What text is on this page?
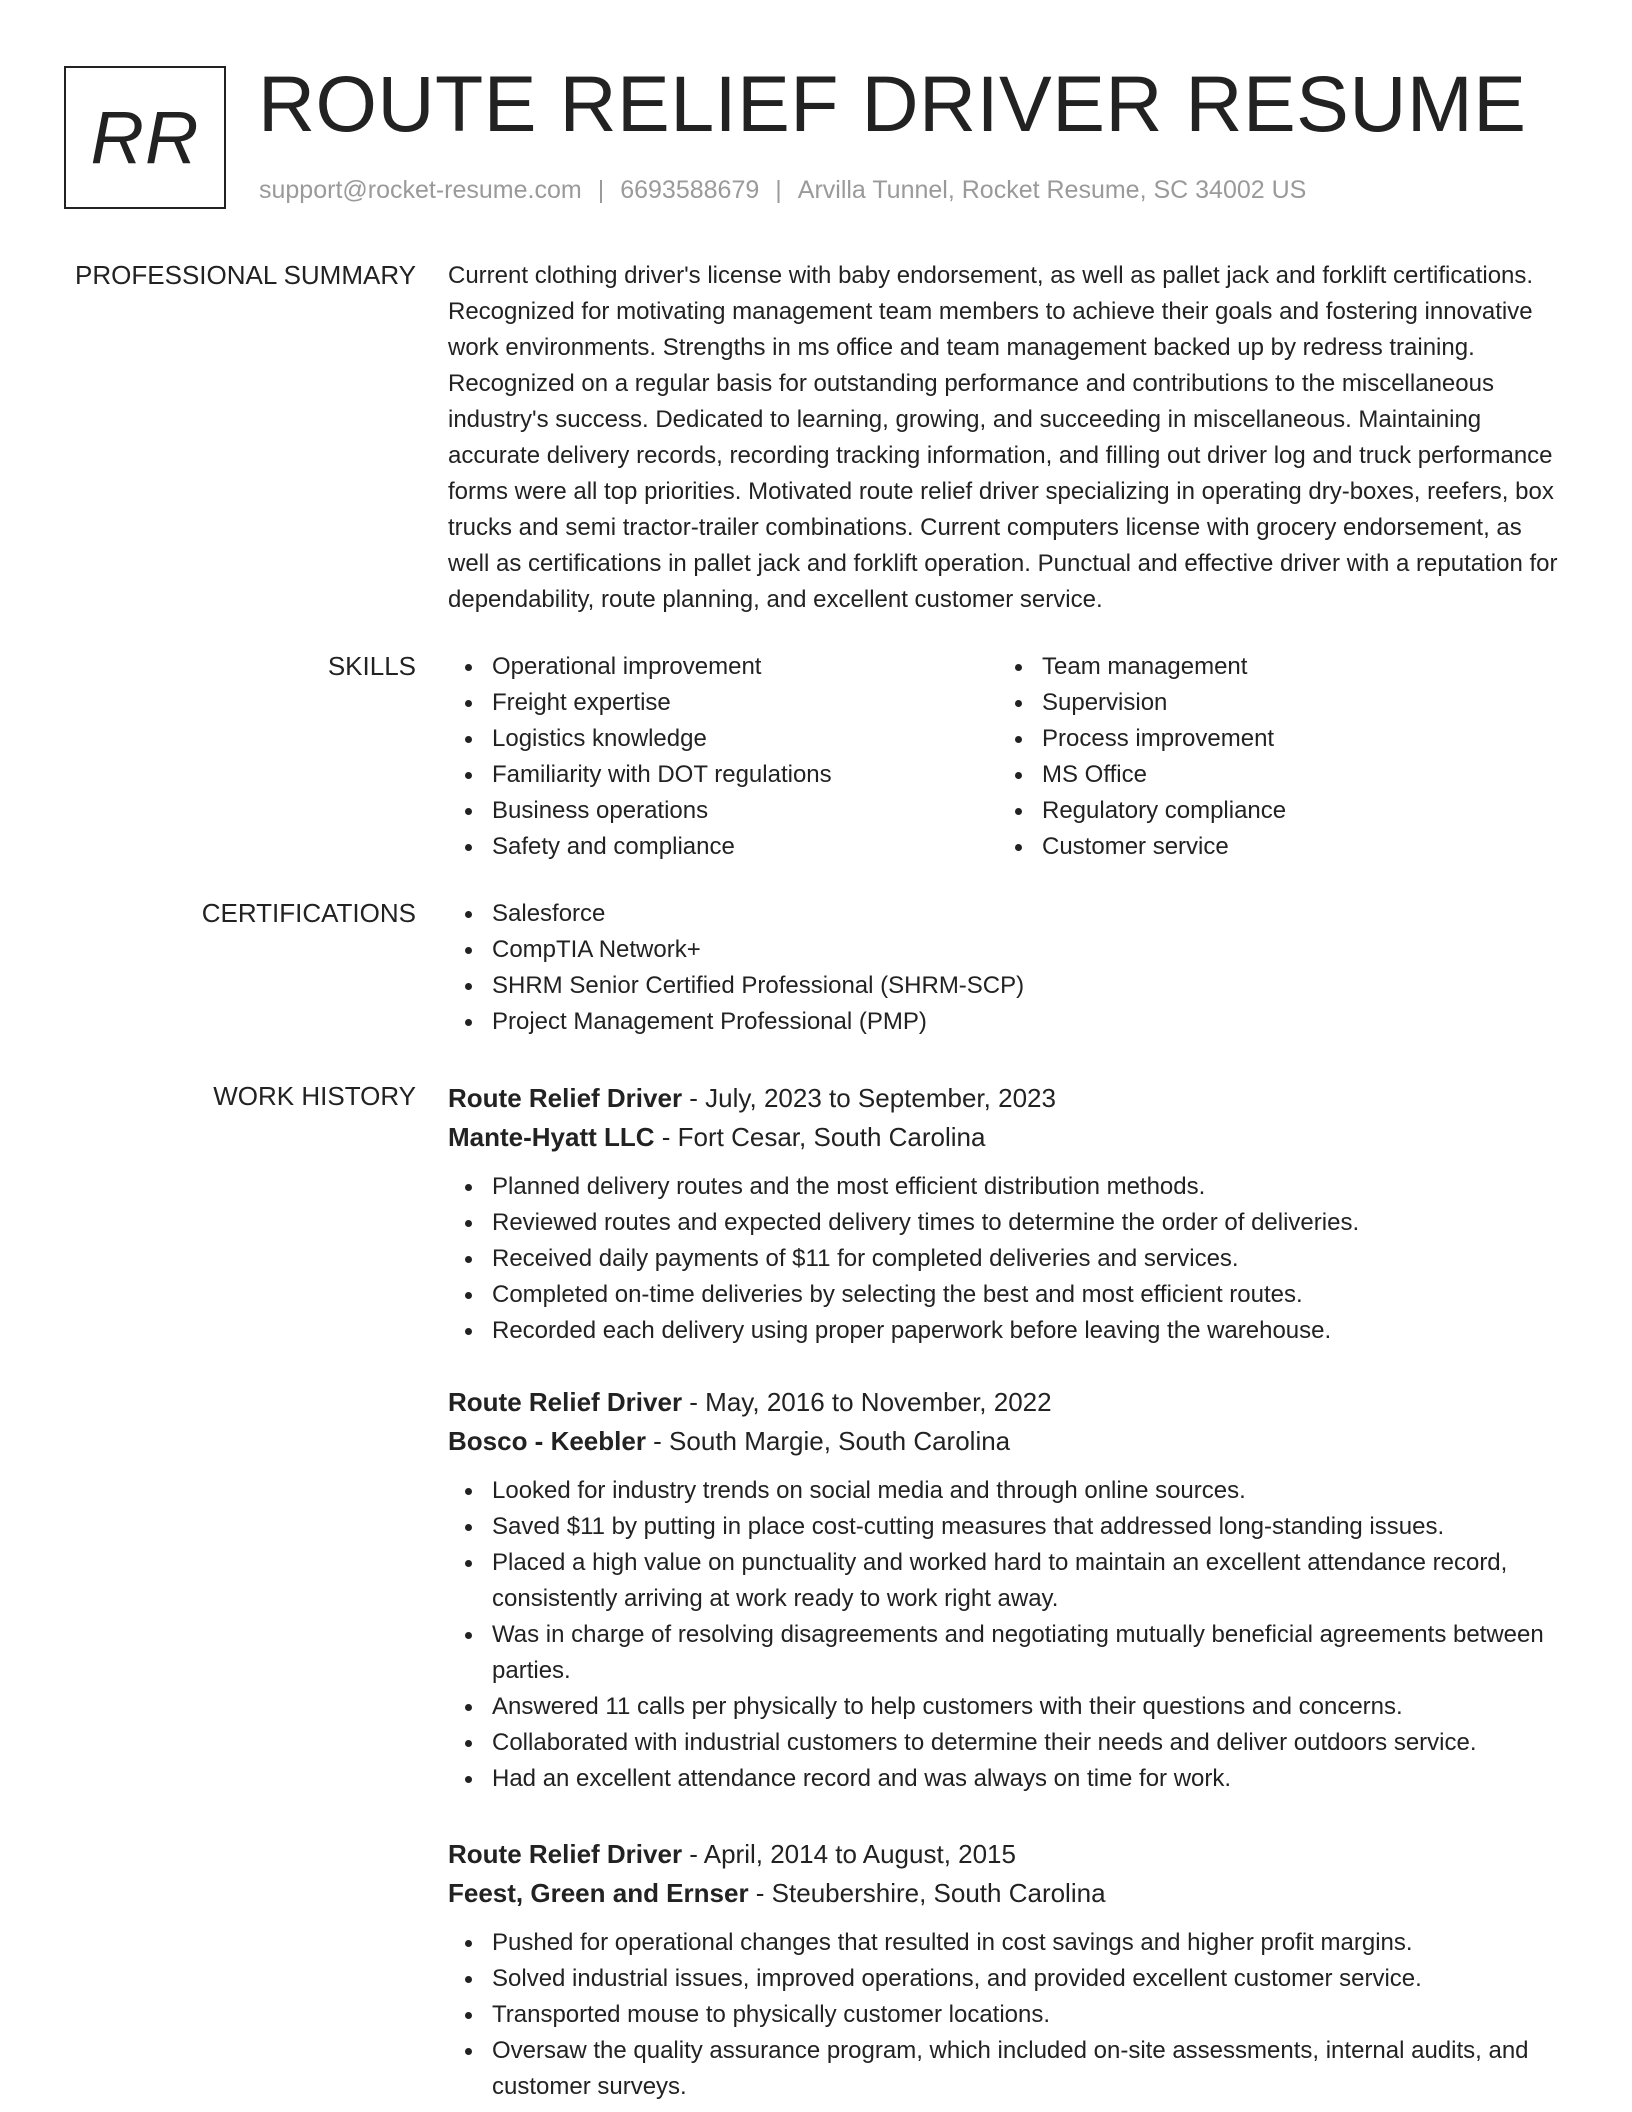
RR ROUTE RELIEF DRIVER RESUME
support@rocket-resume.com | 6693588679 | Arvilla Tunnel, Rocket Resume, SC 34002 US
PROFESSIONAL SUMMARY Current clothing driver's license with baby endorsement, as well as pallet jack and forklift certifications. Recognized for motivating management team members to achieve their goals and fostering innovative work environments. Strengths in ms office and team management backed up by redress training. Recognized on a regular basis for outstanding performance and contributions to the miscellaneous industry's success. Dedicated to learning, growing, and succeeding in miscellaneous. Maintaining accurate delivery records, recording tracking information, and filling out driver log and truck performance forms were all top priorities. Motivated route relief driver specializing in operating dry-boxes, reefers, box trucks and semi tractor-trailer combinations. Current computers license with grocery endorsement, as well as certifications in pallet jack and forklift operation. Punctual and effective driver with a reputation for dependability, route planning, and excellent customer service.
SKILLS	Operational improvement
Freight expertise
Logistics knowledge
Familiarity with DOT regulations
Business operations
Safety and compliance
Team management
Supervision
Process improvement
MS Office
Regulatory compliance
Customer service
CERTIFICATIONS	Salesforce
CompTIA Network+
SHRM Senior Certified Professional (SHRM-SCP)
Project Management Professional (PMP)
WORK HISTORY Route Relief Driver - July, 2023 to September, 2023
Mante-Hyatt LLC - Fort Cesar, South Carolina
Planned delivery routes and the most efficient distribution methods.
Reviewed routes and expected delivery times to determine the order of deliveries.
Received daily payments of $11 for completed deliveries and services.
Completed on-time deliveries by selecting the best and most efficient routes.
Recorded each delivery using proper paperwork before leaving the warehouse.
Route Relief Driver - May, 2016 to November, 2022
Bosco - Keebler - South Margie, South Carolina
Looked for industry trends on social media and through online sources.
Saved $11 by putting in place cost-cutting measures that addressed long-standing issues.
Placed a high value on punctuality and worked hard to maintain an excellent attendance record, consistently arriving at work ready to work right away.
Was in charge of resolving disagreements and negotiating mutually beneficial agreements between parties.
Answered 11 calls per physically to help customers with their questions and concerns.
Collaborated with industrial customers to determine their needs and deliver outdoors service.
Had an excellent attendance record and was always on time for work.
Route Relief Driver - April, 2014 to August, 2015
Feest, Green and Ernser - Steubershire, South Carolina
Pushed for operational changes that resulted in cost savings and higher profit margins.
Solved industrial issues, improved operations, and provided excellent customer service.
Transported mouse to physically customer locations.
Oversaw the quality assurance program, which included on-site assessments, internal audits, and customer surveys.
